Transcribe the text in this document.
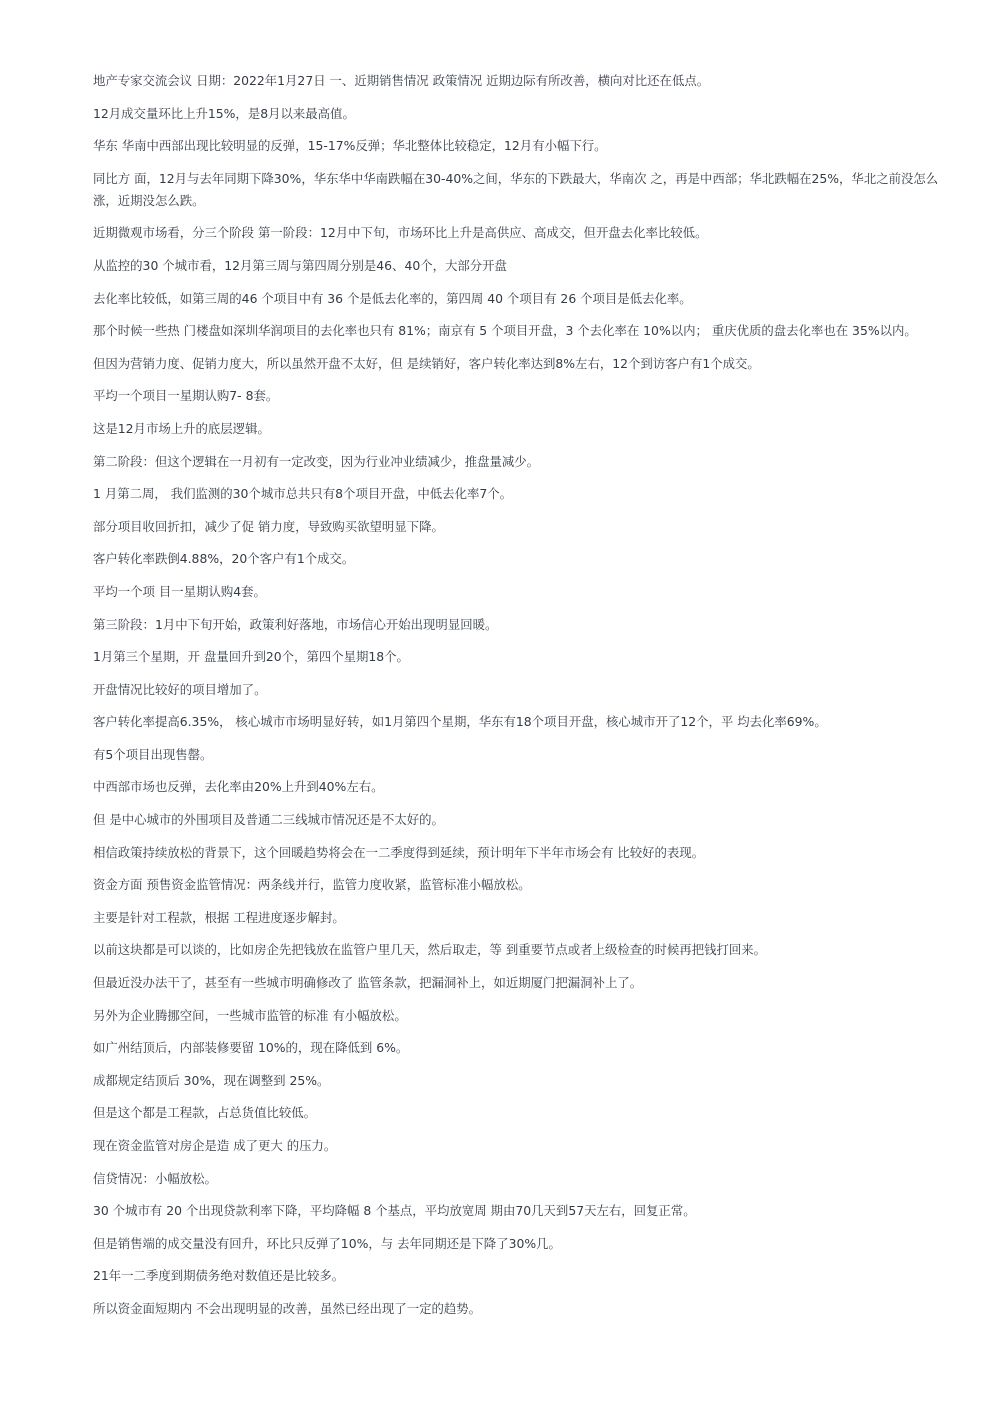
地产专家交流会议 日期：2022年1月27日 一、近期销售情况 政策情况 近期边际有所改善，横向对比还在低点。

12月成交量环比上升15%，是8月以来最高值。

华东 华南中西部出现比较明显的反弹，15-17%反弹；华北整体比较稳定，12月有小幅下行。

同比方 面，12月与去年同期下降30%，华东华中华南跌幅在30-40%之间，华东的下跌最大，华南次 之，再是中西部；华北跌幅在25%，华北之前没怎么涨，近期没怎么跌。

近期微观市场看，分三个阶段 第一阶段：12月中下旬，市场环比上升是高供应、高成交，但开盘去化率比较低。

从监控的30 个城市看，12月第三周与第四周分别是46、40个，大部分开盘

去化率比较低，如第三周的46 个项目中有 36 个是低去化率的，第四周 40 个项目有 26 个项目是低去化率。

那个时候一些热 门楼盘如深圳华润项目的去化率也只有 81%；南京有 5 个项目开盘，3 个去化率在 10%以内； 重庆优质的盘去化率也在 35%以内。

但因为营销力度、促销力度大，所以虽然开盘不太好，但 是续销好，客户转化率达到8%左右，12个到访客户有1个成交。

平均一个项目一星期认购7- 8套。

这是12月市场上升的底层逻辑。

第二阶段：但这个逻辑在一月初有一定改变，因为行业冲业绩减少，推盘量减少。

1 月第二周， 我们监测的30个城市总共只有8个项目开盘，中低去化率7个。

部分项目收回折扣，减少了促 销力度，导致购买欲望明显下降。

客户转化率跌倒4.88%，20个客户有1个成交。

平均一个项 目一星期认购4套。

第三阶段：1月中下旬开始，政策利好落地，市场信心开始出现明显回暖。

1月第三个星期，开 盘量回升到20个，第四个星期18个。

开盘情况比较好的项目增加了。

客户转化率提高6.35%， 核心城市市场明显好转，如1月第四个星期，华东有18个项目开盘，核心城市开了12个，平 均去化率69%。

有5个项目出现售罄。

中西部市场也反弹，去化率由20%上升到40%左右。

但 是中心城市的外围项目及普通二三线城市情况还是不太好的。

相信政策持续放松的背景下，这个回暖趋势将会在一二季度得到延续，预计明年下半年市场会有 比较好的表现。

资金方面 预售资金监管情况：两条线并行，监管力度收紧，监管标准小幅放松。

主要是针对工程款，根据 工程进度逐步解封。

以前这块都是可以谈的，比如房企先把钱放在监管户里几天，然后取走，等 到重要节点或者上级检查的时候再把钱打回来。

但最近没办法干了，甚至有一些城市明确修改了 监管条款，把漏洞补上，如近期厦门把漏洞补上了。

另外为企业腾挪空间，一些城市监管的标准 有小幅放松。

如广州结顶后，内部装修要留 10%的，现在降低到 6%。

成都规定结顶后 30%，现在调整到 25%。

但是这个都是工程款，占总货值比较低。

现在资金监管对房企是造 成了更大 的压力。

信贷情况：小幅放松。

30 个城市有 20 个出现贷款利率下降，平均降幅 8 个基点，平均放宽周 期由70几天到57天左右，回复正常。

但是销售端的成交量没有回升，环比只反弹了10%，与 去年同期还是下降了30%几。

21年一二季度到期债务绝对数值还是比较多。

所以资金面短期内 不会出现明显的改善，虽然已经出现了一定的趋势。
